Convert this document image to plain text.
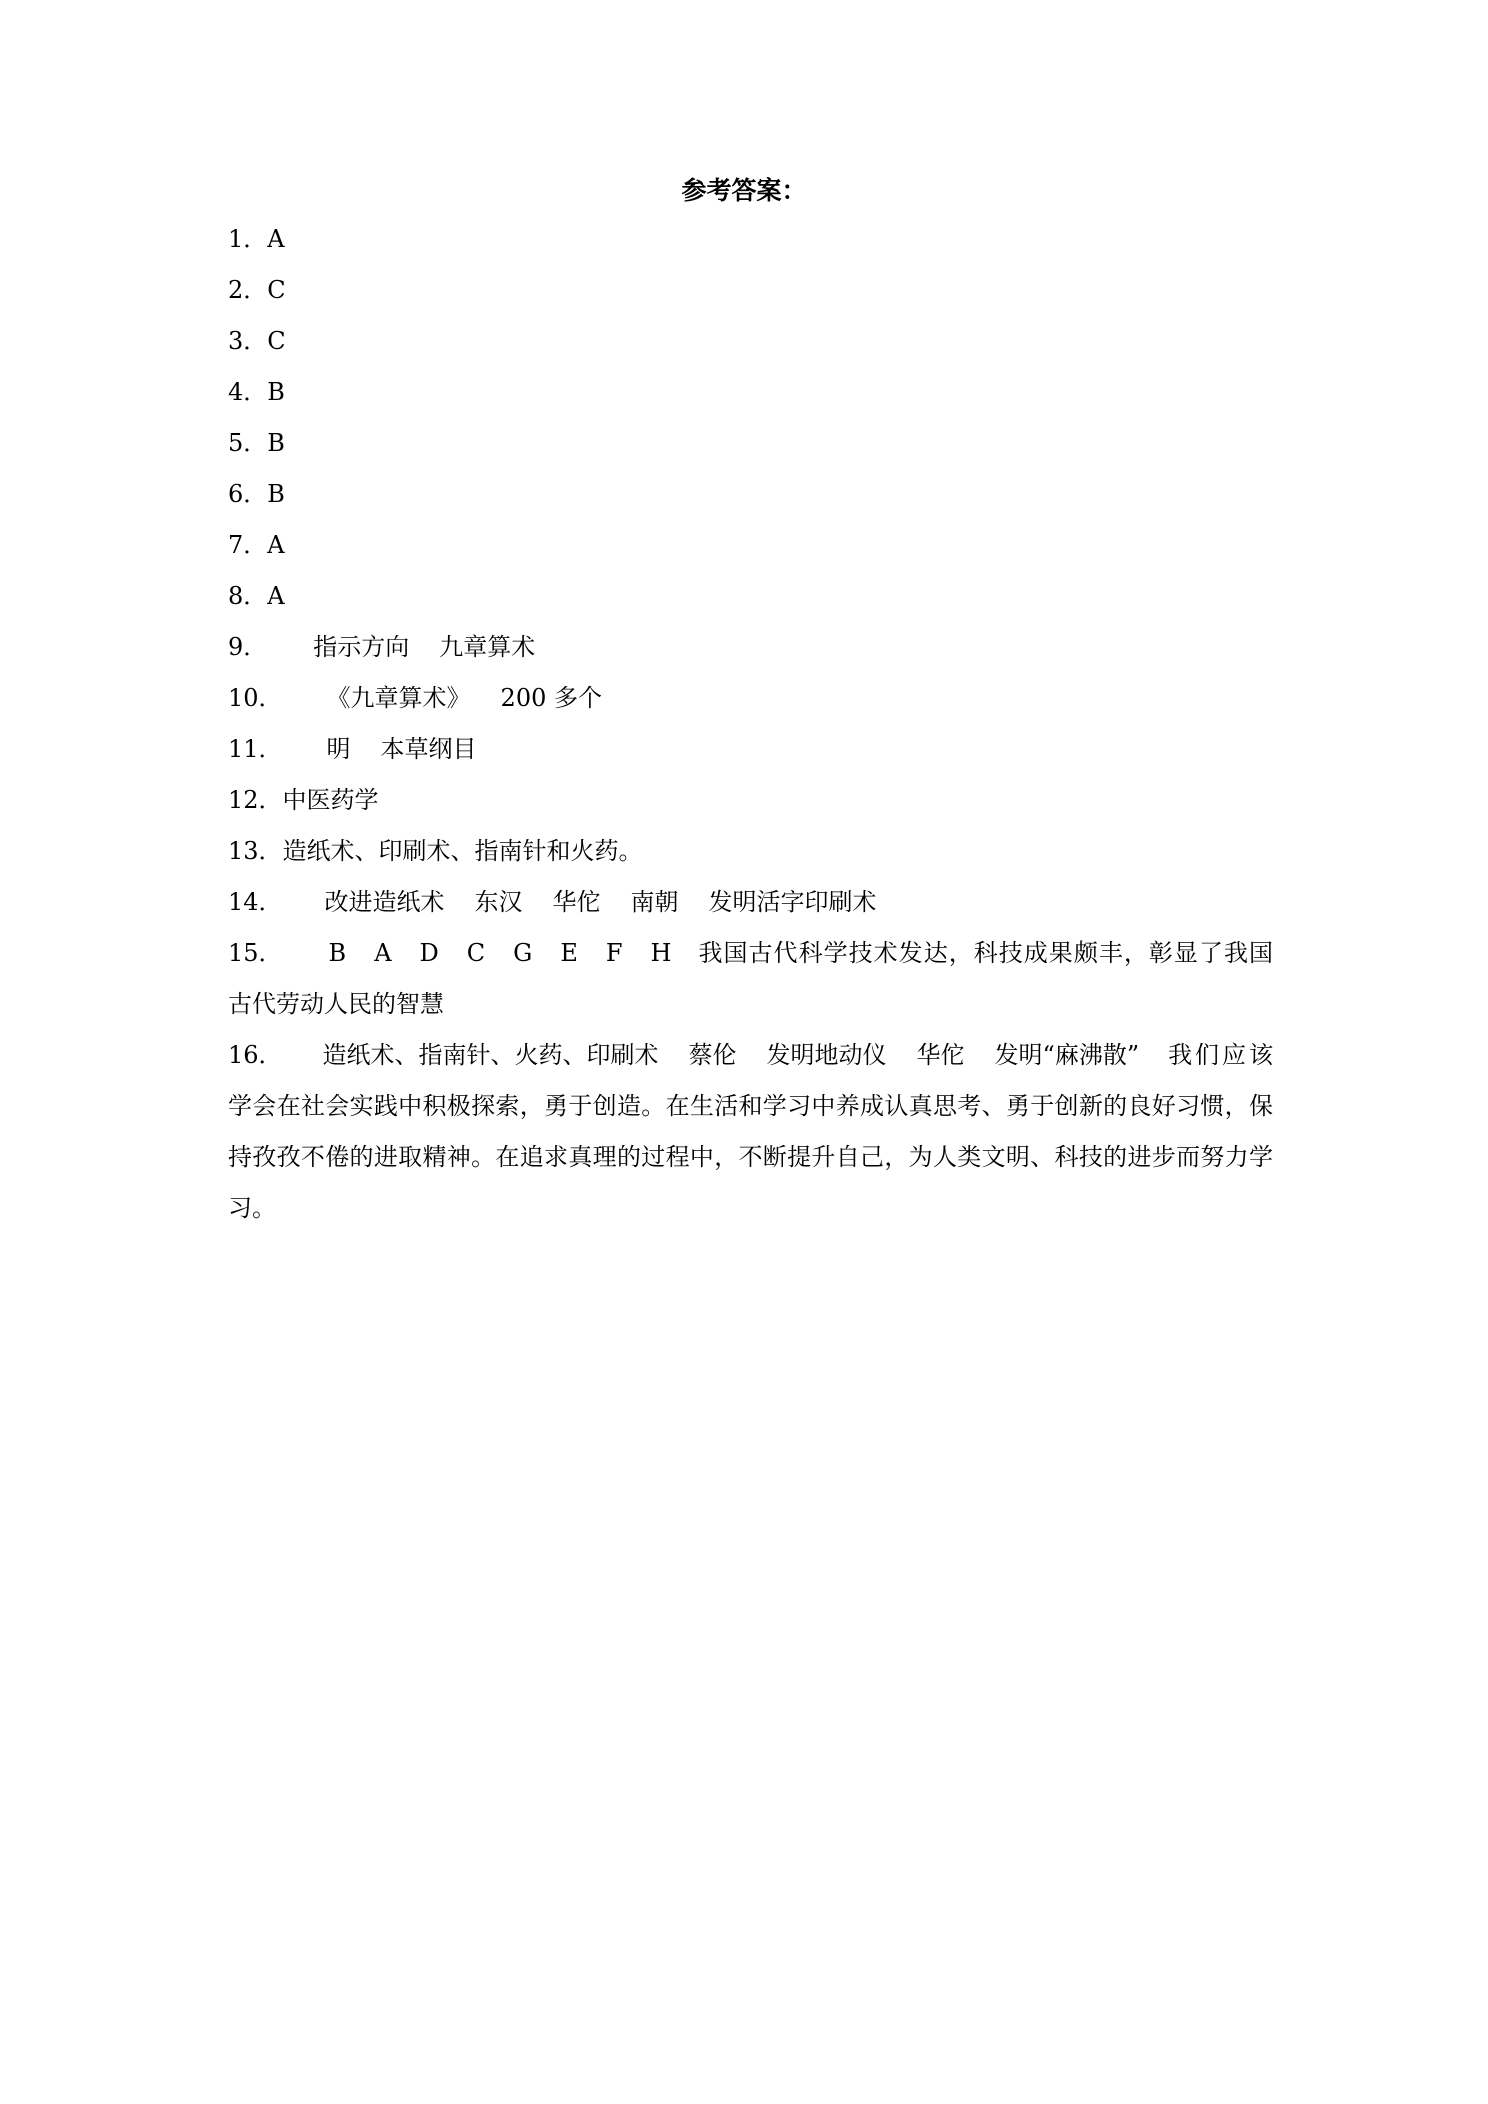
参考答案：
1．A
2．C
3．C
4．B
5．B
6．B
7．A
8．A
9． 指示方向 九章算术
10． 《九章算术》 200 多个
11． 明 本草纲目
12．中医药学
13．造纸术、印刷术、指南针和火药。
14． 改进造纸术 东汉 华佗 南朝 发明活字印刷术
15． B A D C G E F H 我国古代科学技术发达，科技成果颇丰，彰显了我国古代劳动人民的智慧
16． 造纸术、指南针、火药、印刷术 蔡伦 发明地动仪 华佗 发明“麻沸散” 我们应该学会在社会实践中积极探索，勇于创造。在生活和学习中养成认真思考、勇于创新的良好习惯，保持孜孜不倦的进取精神。在追求真理的过程中，不断提升自己，为人类文明、科技的进步而努力学习。
